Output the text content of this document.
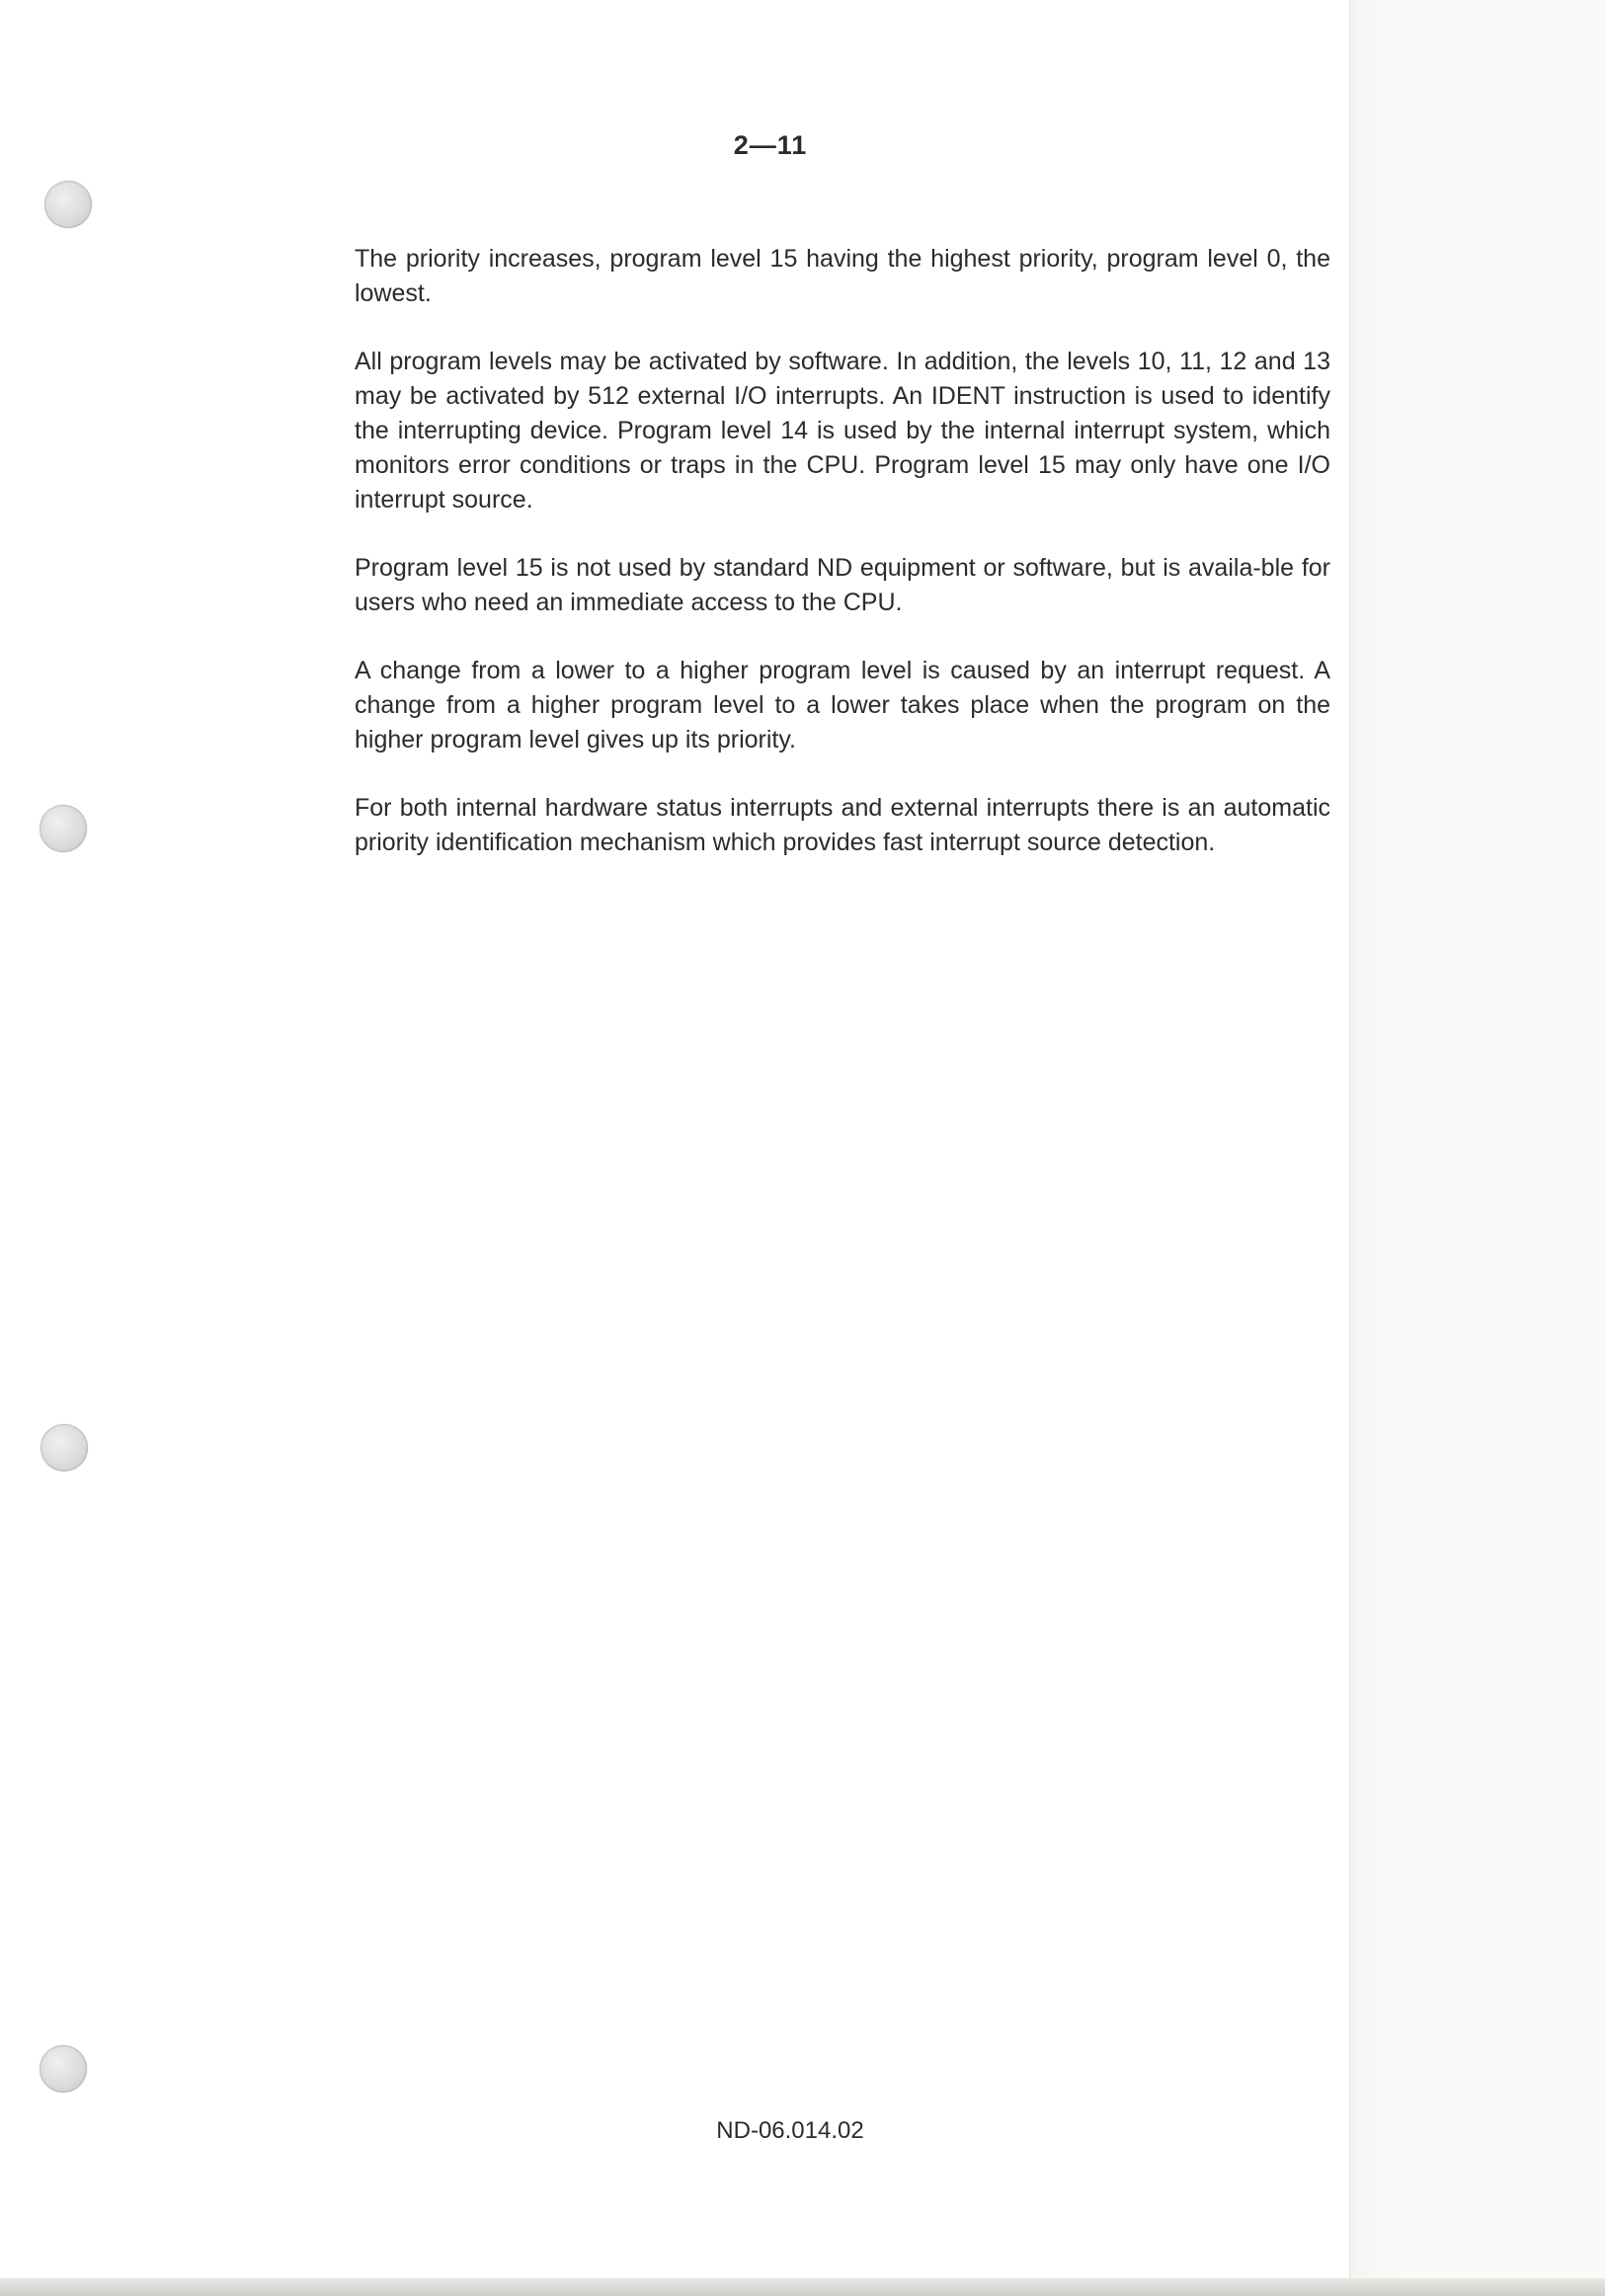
2—11

The priority increases, program level 15 having the highest priority, program level 0, the lowest.

All program levels may be activated by software. In addition, the levels 10, 11, 12 and 13 may be activated by 512 external I/O interrupts. An IDENT instruction is used to identify the interrupting device. Program level 14 is used by the internal interrupt system, which monitors error conditions or traps in the CPU. Program level 15 may only have one I/O interrupt source.

Program level 15 is not used by standard ND equipment or software, but is availa-ble for users who need an immediate access to the CPU.

A change from a lower to a higher program level is caused by an interrupt request. A change from a higher program level to a lower takes place when the program on the higher program level gives up its priority.

For both internal hardware status interrupts and external interrupts there is an automatic priority identification mechanism which provides fast interrupt source detection.

ND-06.014.02
